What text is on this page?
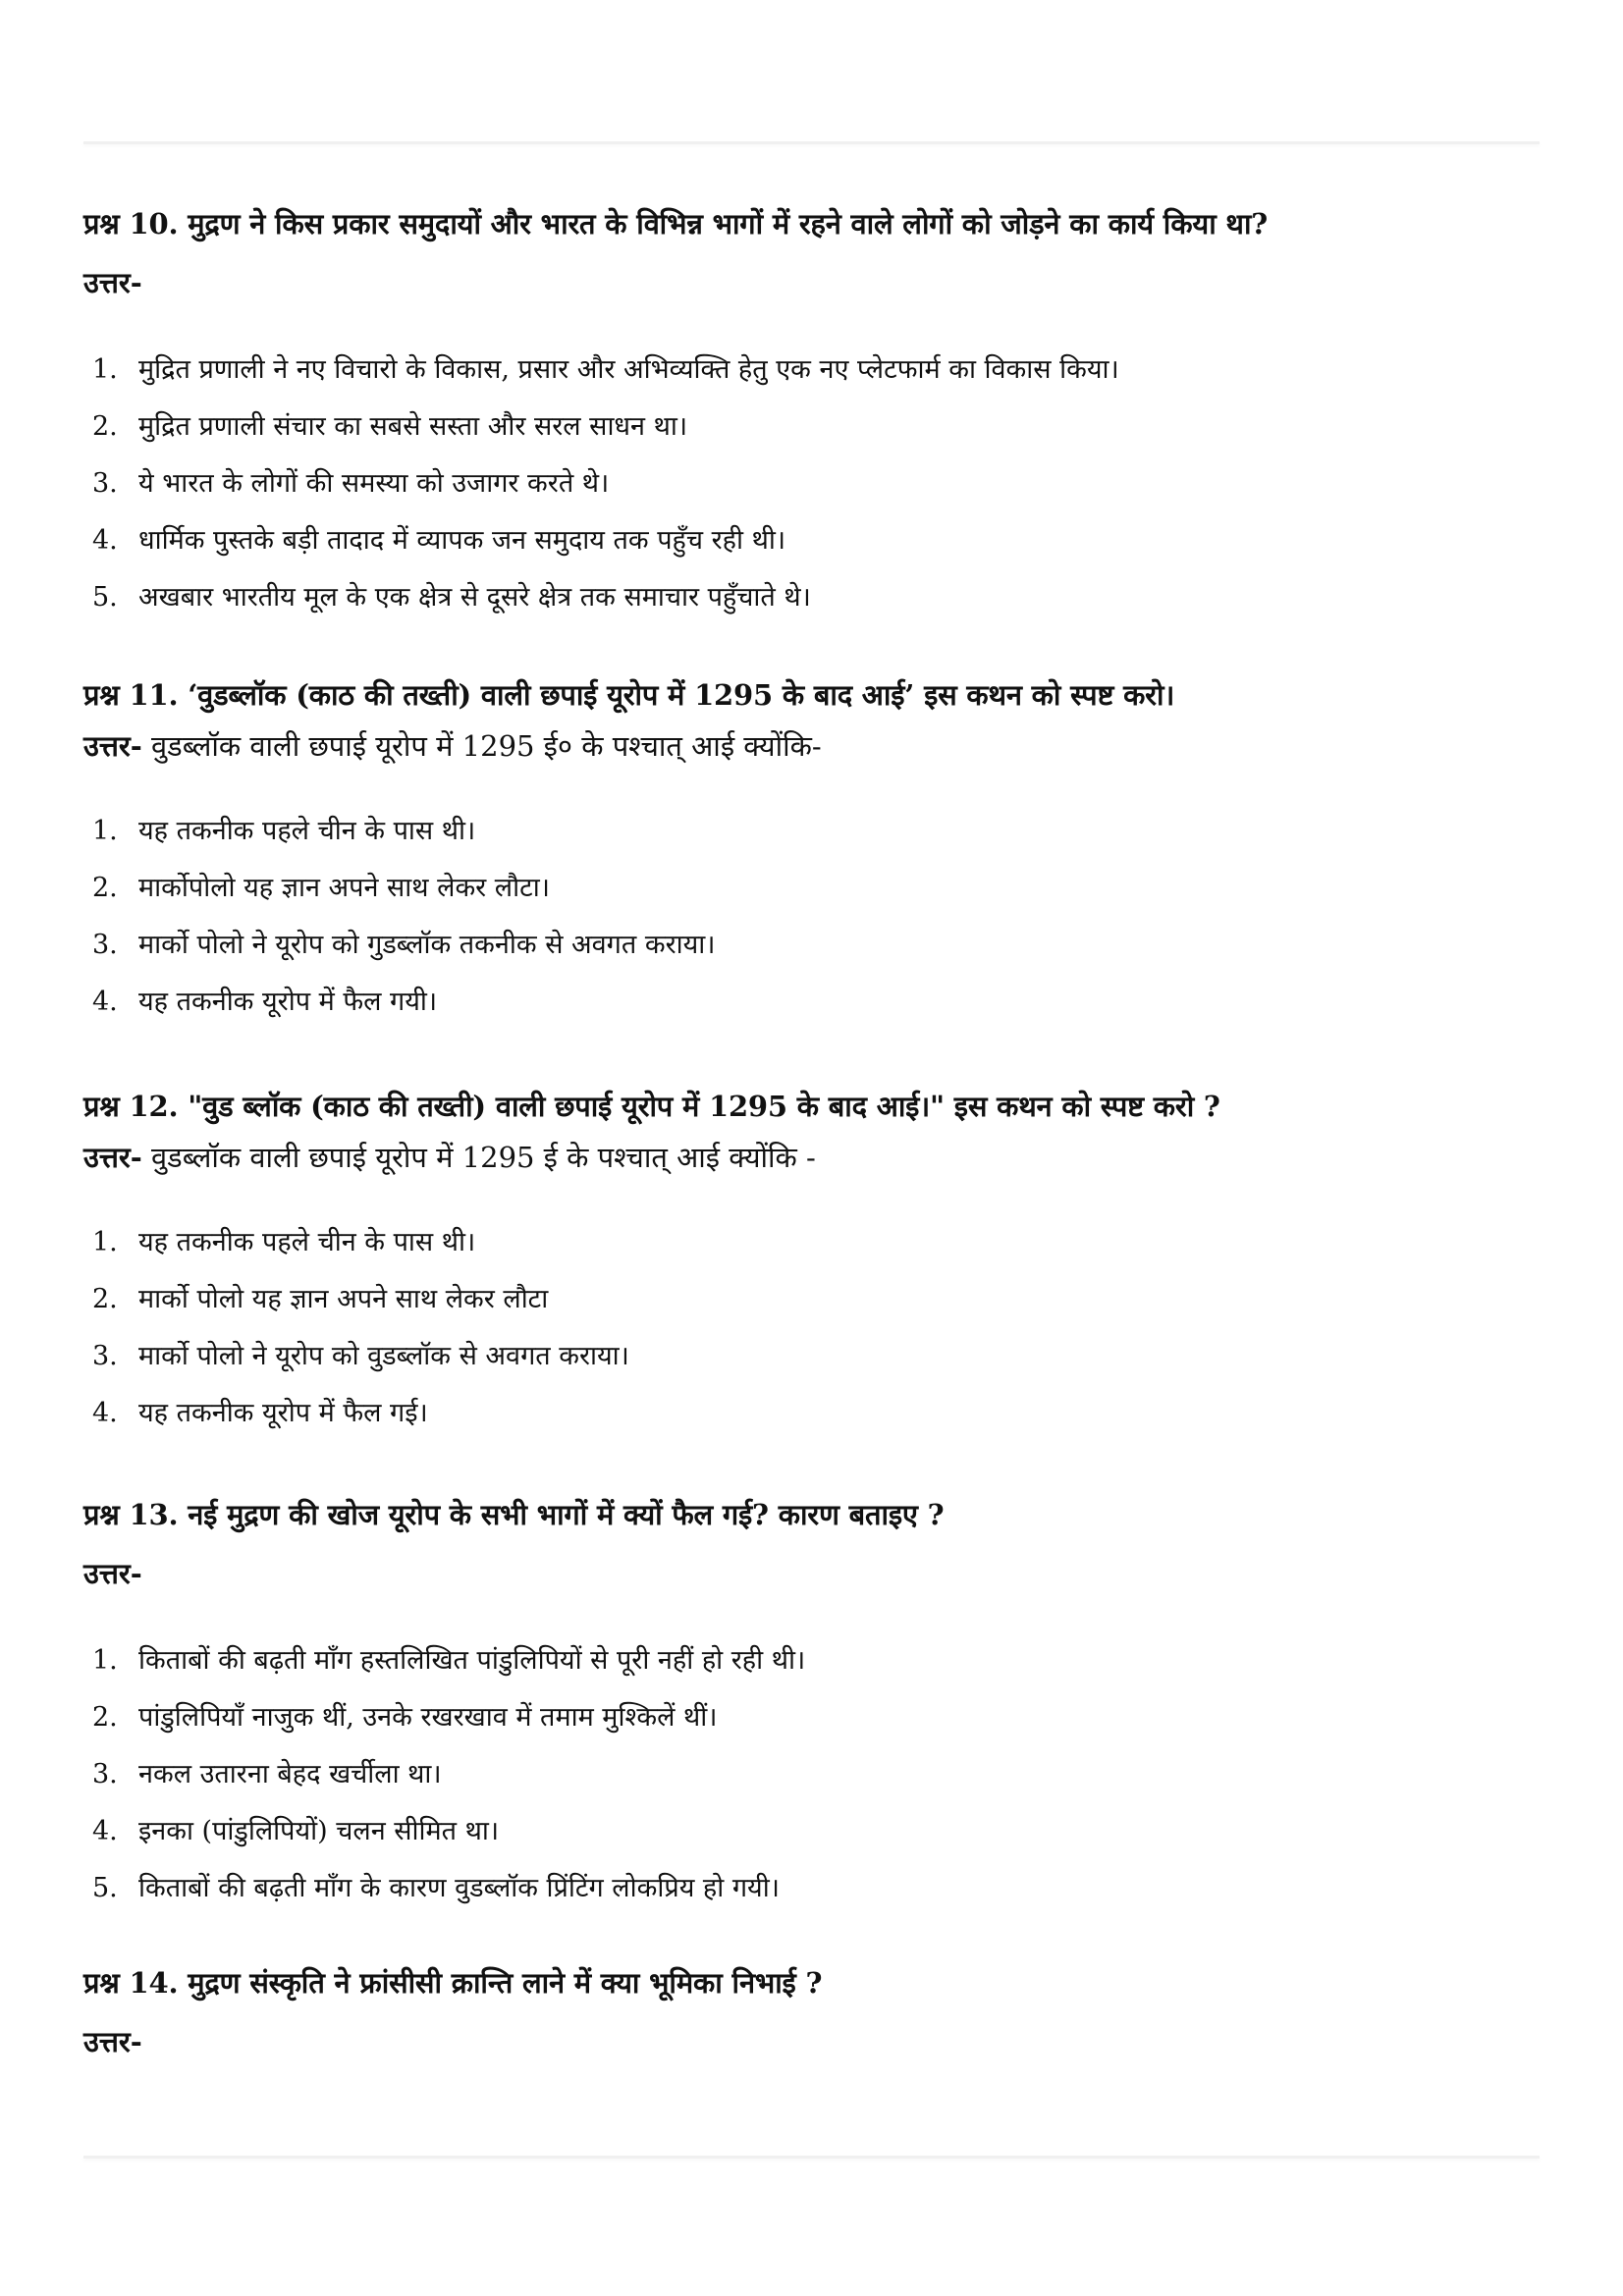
प्रश्न 10. मुद्रण ने किस प्रकार समुदायों और भारत के विभिन्न भागों में रहने वाले लोगों को जोड़ने का कार्य किया था?

उत्तर-

1. मुद्रित प्रणाली ने नए विचारो के विकास, प्रसार और अभिव्यक्ति हेतु एक नए प्लेटफार्म का विकास किया।
2. मुद्रित प्रणाली संचार का सबसे सस्ता और सरल साधन था।
3. ये भारत के लोगों की समस्या को उजागर करते थे।
4. धार्मिक पुस्तके बड़ी तादाद में व्यापक जन समुदाय तक पहुँच रही थी।
5. अखबार भारतीय मूल के एक क्षेत्र से दूसरे क्षेत्र तक समाचार पहुँचाते थे।

प्रश्न 11. ‘वुडब्लॉक (काठ की तख्ती) वाली छपाई यूरोप में 1295 के बाद आई’ इस कथन को स्पष्ट करो।

उत्तर- वुडब्लॉक वाली छपाई यूरोप में 1295 ई० के पश्चात् आई क्योंकि-

1. यह तकनीक पहले चीन के पास थी।
2. मार्कोपोलो यह ज्ञान अपने साथ लेकर लौटा।
3. मार्को पोलो ने यूरोप को गुडब्लॉक तकनीक से अवगत कराया।
4. यह तकनीक यूरोप में फैल गयी।

प्रश्न 12. "वुड ब्लॉक (काठ की तख्ती) वाली छपाई यूरोप में 1295 के बाद आई।" इस कथन को स्पष्ट करो ?

उत्तर- वुडब्लॉक वाली छपाई यूरोप में 1295 ई के पश्चात् आई क्योंकि -

1. यह तकनीक पहले चीन के पास थी।
2. मार्को पोलो यह ज्ञान अपने साथ लेकर लौटा
3. मार्को पोलो ने यूरोप को वुडब्लॉक से अवगत कराया।
4. यह तकनीक यूरोप में फैल गई।

प्रश्न 13. नई मुद्रण की खोज यूरोप के सभी भागों में क्यों फैल गई? कारण बताइए ?

उत्तर-

1. किताबों की बढ़ती माँग हस्तलिखित पांडुलिपियों से पूरी नहीं हो रही थी।
2. पांडुलिपियाँ नाजुक थीं, उनके रखरखाव में तमाम मुश्किलें थीं।
3. नकल उतारना बेहद खर्चीला था।
4. इनका (पांडुलिपियों) चलन सीमित था।
5. किताबों की बढ़ती माँग के कारण वुडब्लॉक प्रिंटिंग लोकप्रिय हो गयी।

प्रश्न 14. मुद्रण संस्कृति ने फ्रांसीसी क्रान्ति लाने में क्या भूमिका निभाई ?

उत्तर-
